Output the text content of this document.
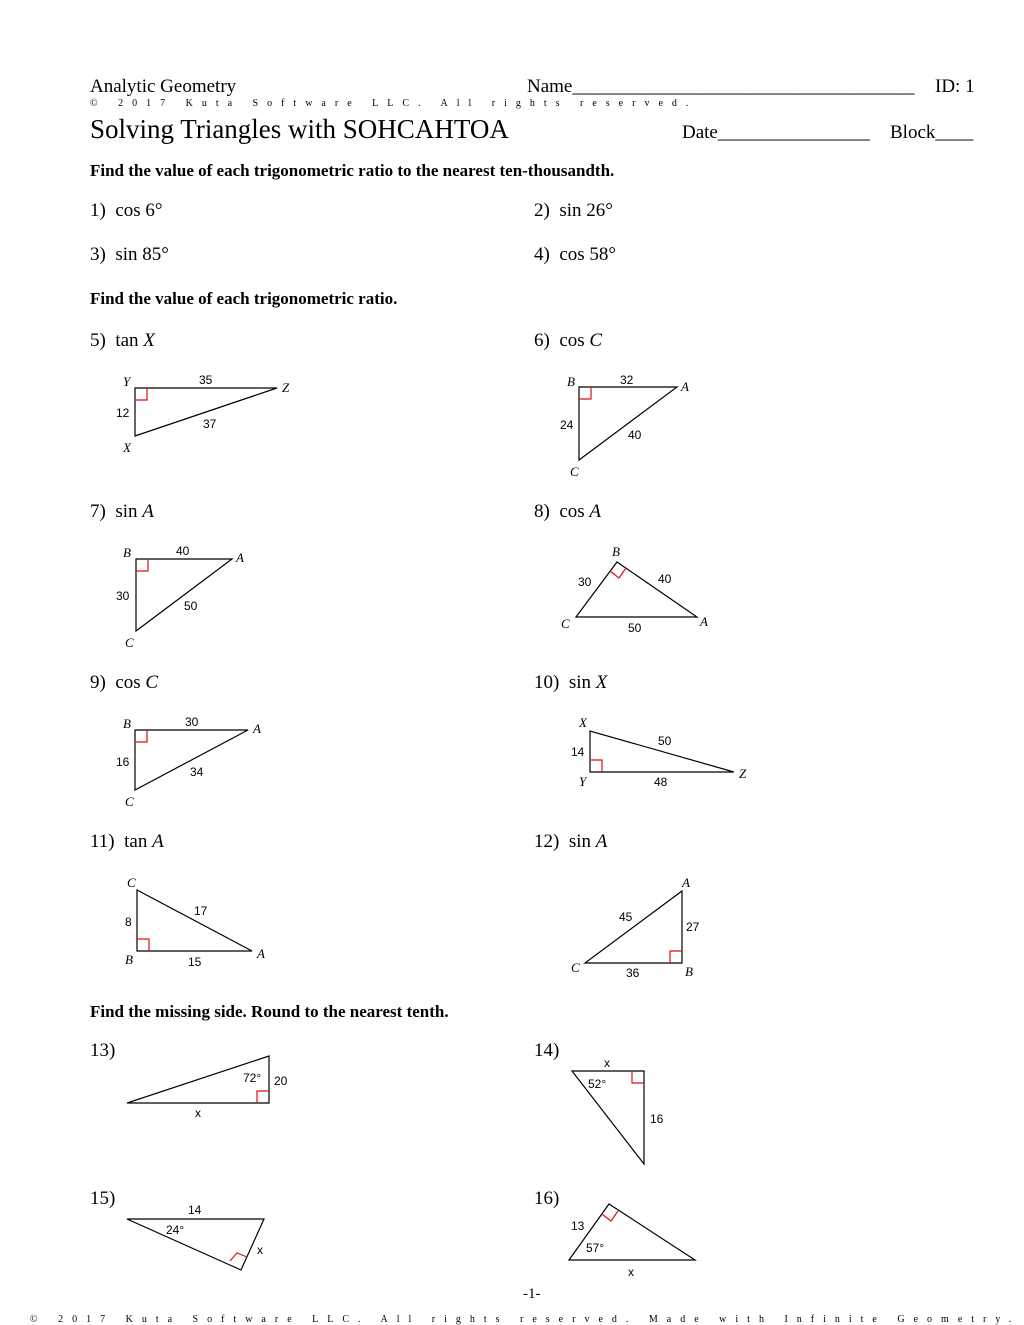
Analytic Geometry	Name____________________________________ ID: 1
© 2017 Kuta Software LLC. All rights reserved.
Solving Triangles with SOHCAHTOA	Date________________ Block____
Find the value of each trigonometric ratio to the nearest ten-thousandth.
1) cos 6°	2) sin 26°
3) sin 85°	4) cos 58°
Find the value of each trigonometric ratio.
5) tan X	6) cos C
Y	Z
X
35
12
37
B	A
C
32
24
40
7) sin A	8) cos A
B	A
C
40
30
50
B
A
C
30	40
50
9) cos C	10) sin X
B	A
C
30
16
34
X
Y
Z
14
50
48
11) tan A	12) sin A
C
B	A
8
17
15
A
C	B
45
27
36
Find the missing side. Round to the nearest tenth.
13)	14)
72° 20
x
x
52°
16
15)	16)
14
24°
x
13
57°
x
-1-
© 2017 Kuta Software LLC. All rights reserved. Made with Infinite Geometry.
